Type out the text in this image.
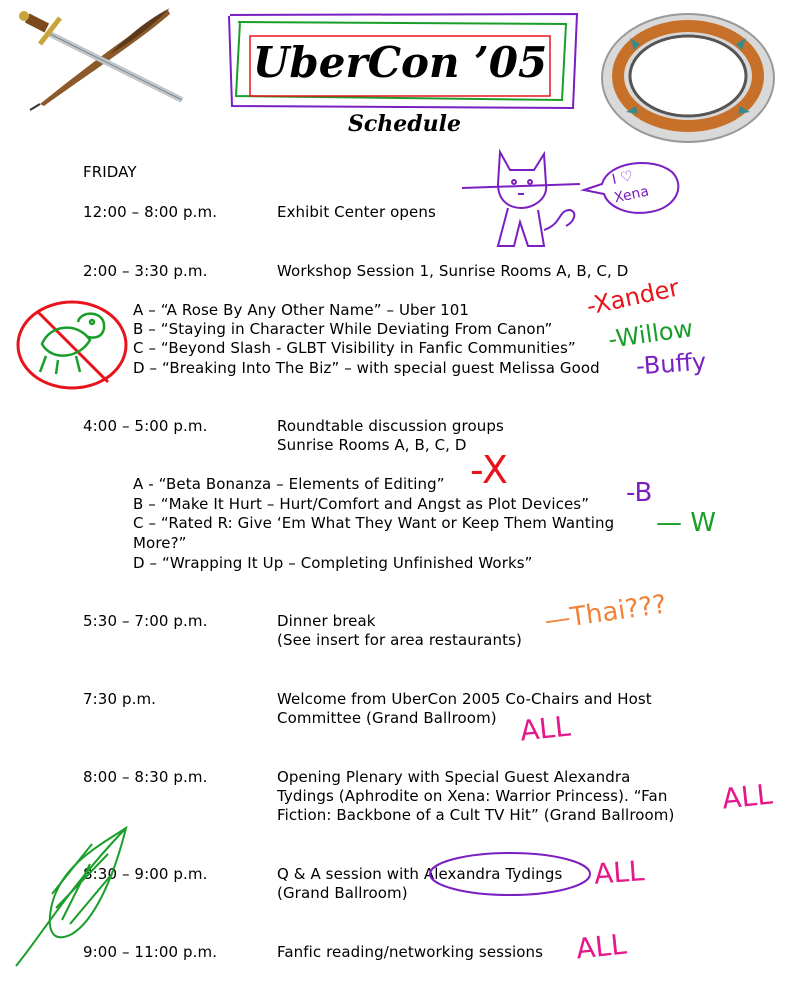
UberCon ’05
Schedule
FRIDAY
12:00 – 8:00 p.m.	Exhibit Center opens
2:00 – 3:30 p.m.	Workshop Session 1, Sunrise Rooms A, B, C, D
A – “A Rose By Any Other Name” – Uber 101
B – “Staying in Character While Deviating From Canon”
C – “Beyond Slash - GLBT Visibility in Fanfic Communities”
D – “Breaking Into The Biz” – with special guest Melissa Good
4:00 – 5:00 p.m.	Roundtable discussion groups
Sunrise Rooms A, B, C, D
A - “Beta Bonanza – Elements of Editing”
B – “Make It Hurt – Hurt/Comfort and Angst as Plot Devices”
C – “Rated R: Give ‘Em What They Want or Keep Them Wanting
More?”
D – “Wrapping It Up – Completing Unfinished Works”
5:30 – 7:00 p.m.	Dinner break
(See insert for area restaurants)
7:30 p.m.	Welcome from UberCon 2005 Co-Chairs and Host
Committee (Grand Ballroom)
8:00 – 8:30 p.m.	Opening Plenary with Special Guest Alexandra
Tydings (Aphrodite on Xena: Warrior Princess). “Fan
Fiction: Backbone of a Cult TV Hit” (Grand Ballroom)
8:30 – 9:00 p.m.	Q & A session with Alexandra Tydings
(Grand Ballroom)
9:00 – 11:00 p.m.	Fanfic reading/networking sessions
I ♡
Xena
-Xander
-Willow
-Buffy
-X
-B
— W
—Thai???
ALL
ALL
ALL
ALL
